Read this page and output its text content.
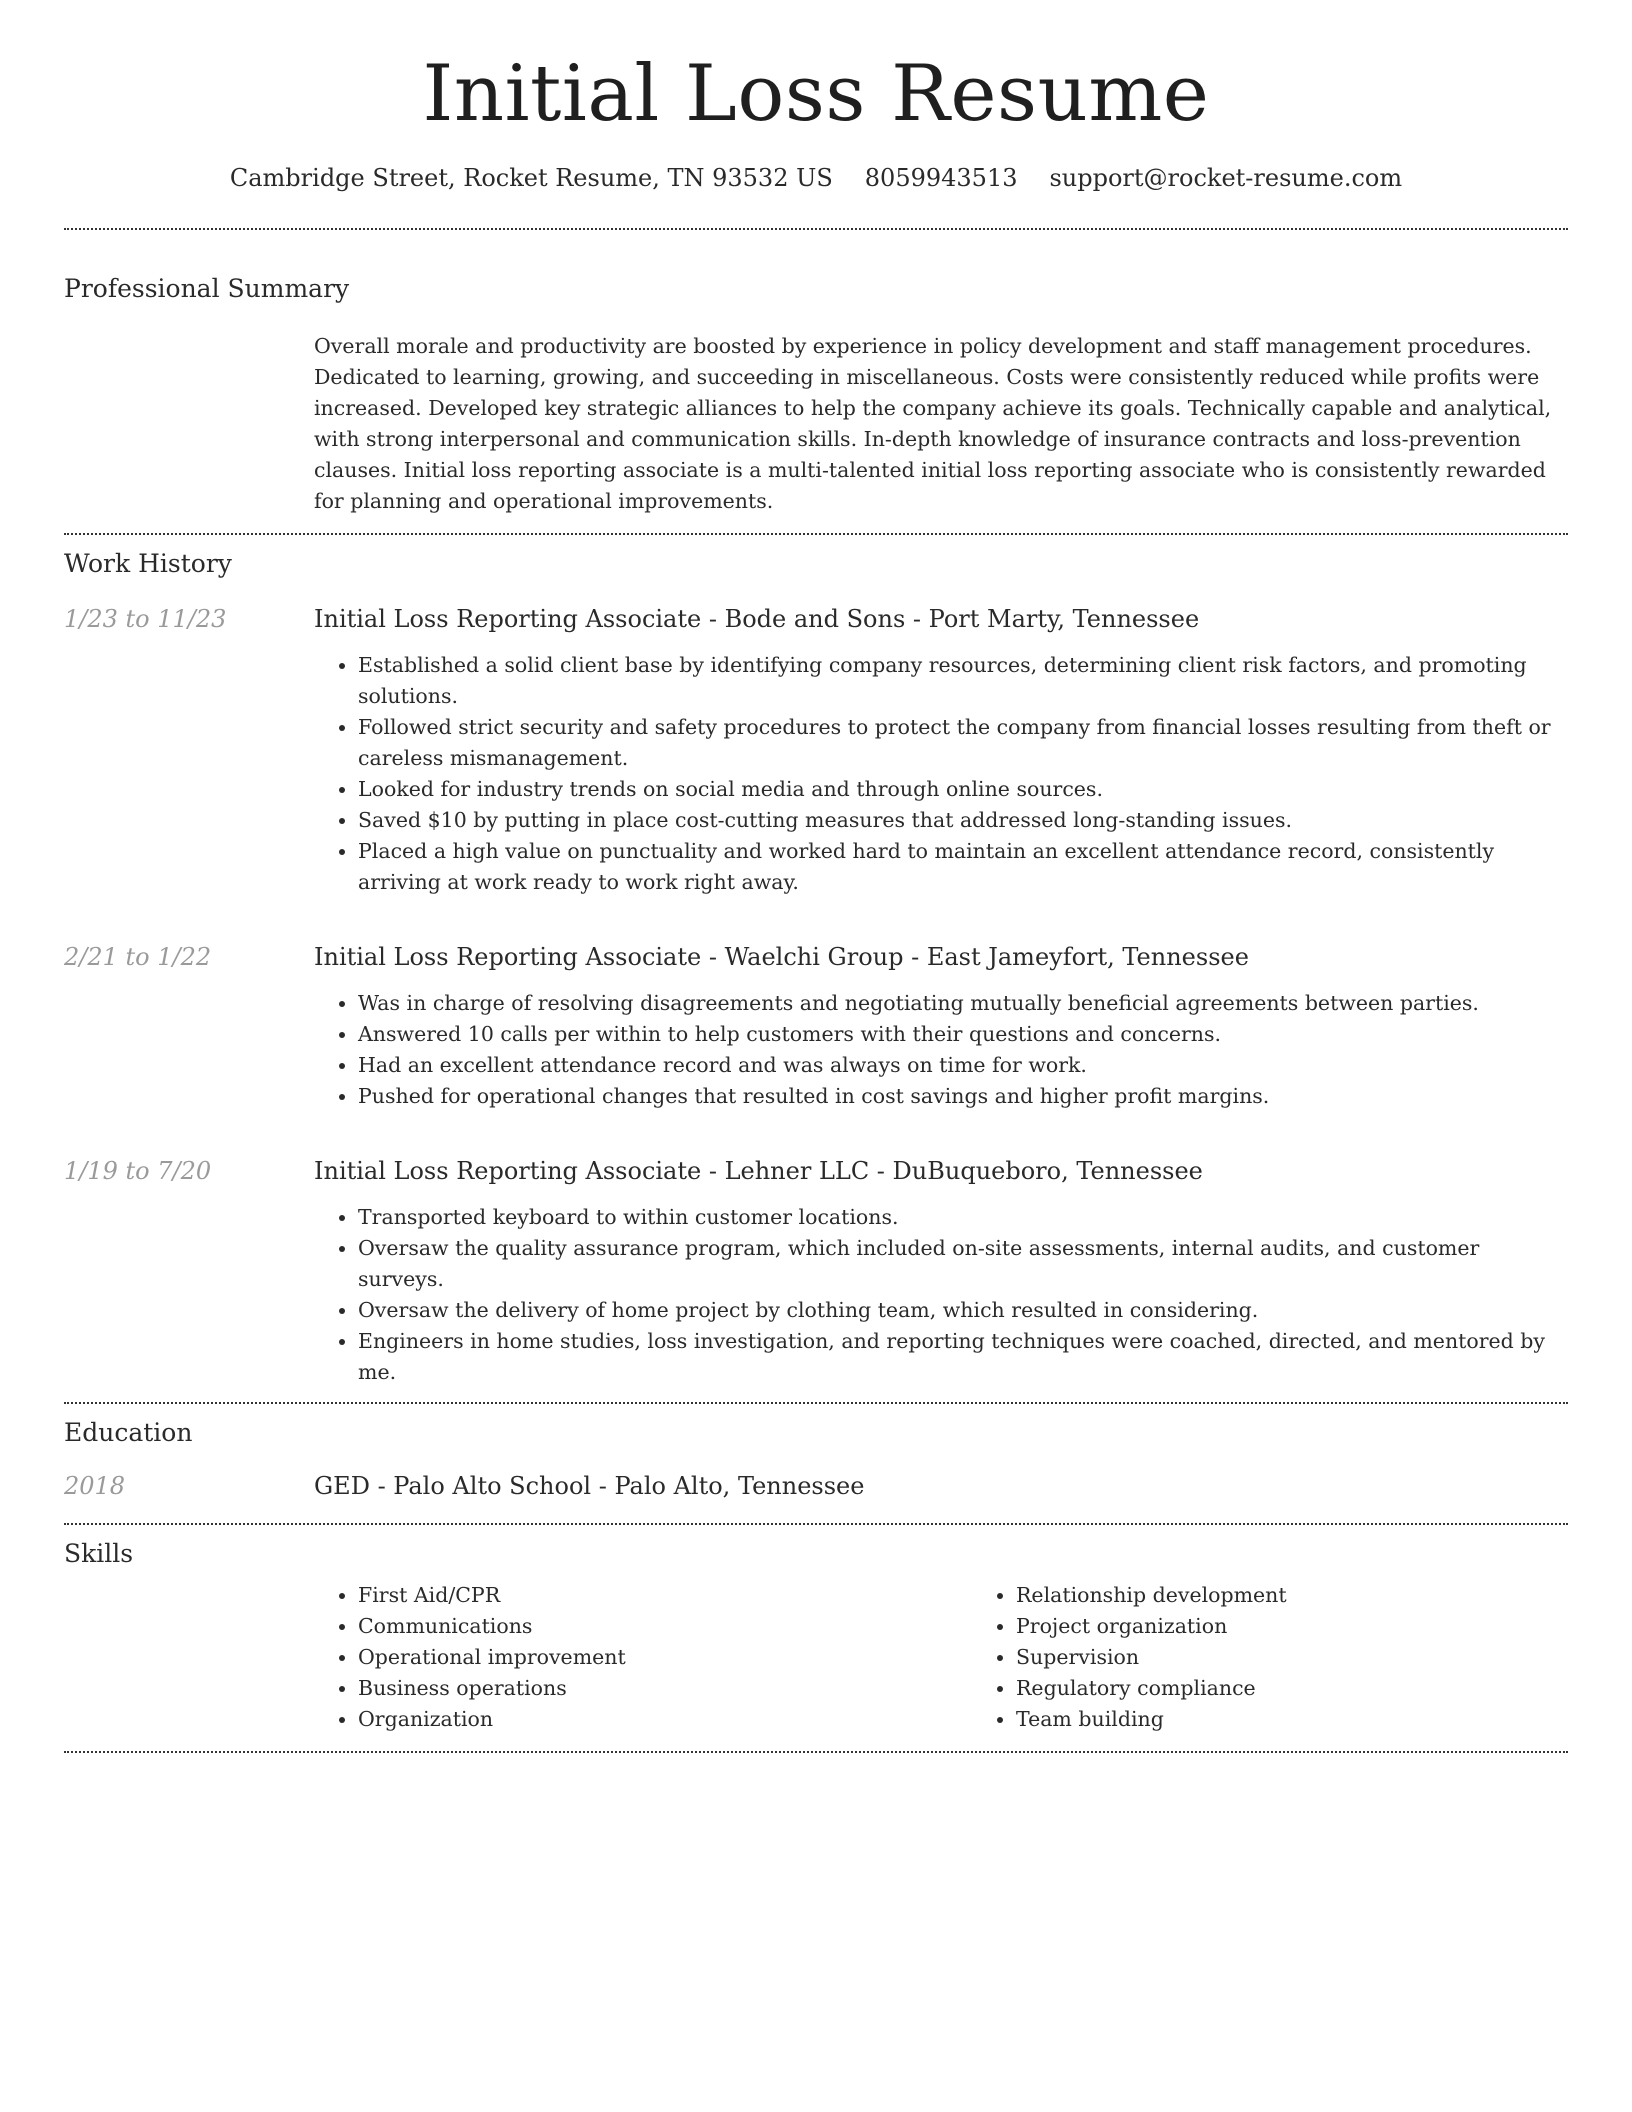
Initial Loss Resume
Cambridge Street, Rocket Resume, TN 93532 US 8059943513 support@rocket-resume.com
Professional Summary
Overall morale and productivity are boosted by experience in policy development and staff management procedures. Dedicated to learning, growing, and succeeding in miscellaneous. Costs were consistently reduced while profits were increased. Developed key strategic alliances to help the company achieve its goals. Technically capable and analytical, with strong interpersonal and communication skills. In-depth knowledge of insurance contracts and loss-prevention clauses. Initial loss reporting associate is a multi-talented initial loss reporting associate who is consistently rewarded for planning and operational improvements.
Work History
1/23 to 11/23	Initial Loss Reporting Associate - Bode and Sons - Port Marty, Tennessee
• Established a solid client base by identifying company resources, determining client risk factors, and promoting solutions.
• Followed strict security and safety procedures to protect the company from financial losses resulting from theft or careless mismanagement.
• Looked for industry trends on social media and through online sources.
• Saved $10 by putting in place cost-cutting measures that addressed long-standing issues.
• Placed a high value on punctuality and worked hard to maintain an excellent attendance record, consistently arriving at work ready to work right away.
2/21 to 1/22	Initial Loss Reporting Associate - Waelchi Group - East Jameyfort, Tennessee
• Was in charge of resolving disagreements and negotiating mutually beneficial agreements between parties.
• Answered 10 calls per within to help customers with their questions and concerns.
• Had an excellent attendance record and was always on time for work.
• Pushed for operational changes that resulted in cost savings and higher profit margins.
1/19 to 7/20	Initial Loss Reporting Associate - Lehner LLC - DuBuqueboro, Tennessee
• Transported keyboard to within customer locations.
• Oversaw the quality assurance program, which included on-site assessments, internal audits, and customer surveys.
• Oversaw the delivery of home project by clothing team, which resulted in considering.
• Engineers in home studies, loss investigation, and reporting techniques were coached, directed, and mentored by me.
Education
2018	GED - Palo Alto School - Palo Alto, Tennessee
Skills
• First Aid/CPR
• Communications
• Operational improvement
• Business operations
• Organization
• Relationship development
• Project organization
• Supervision
• Regulatory compliance
• Team building
